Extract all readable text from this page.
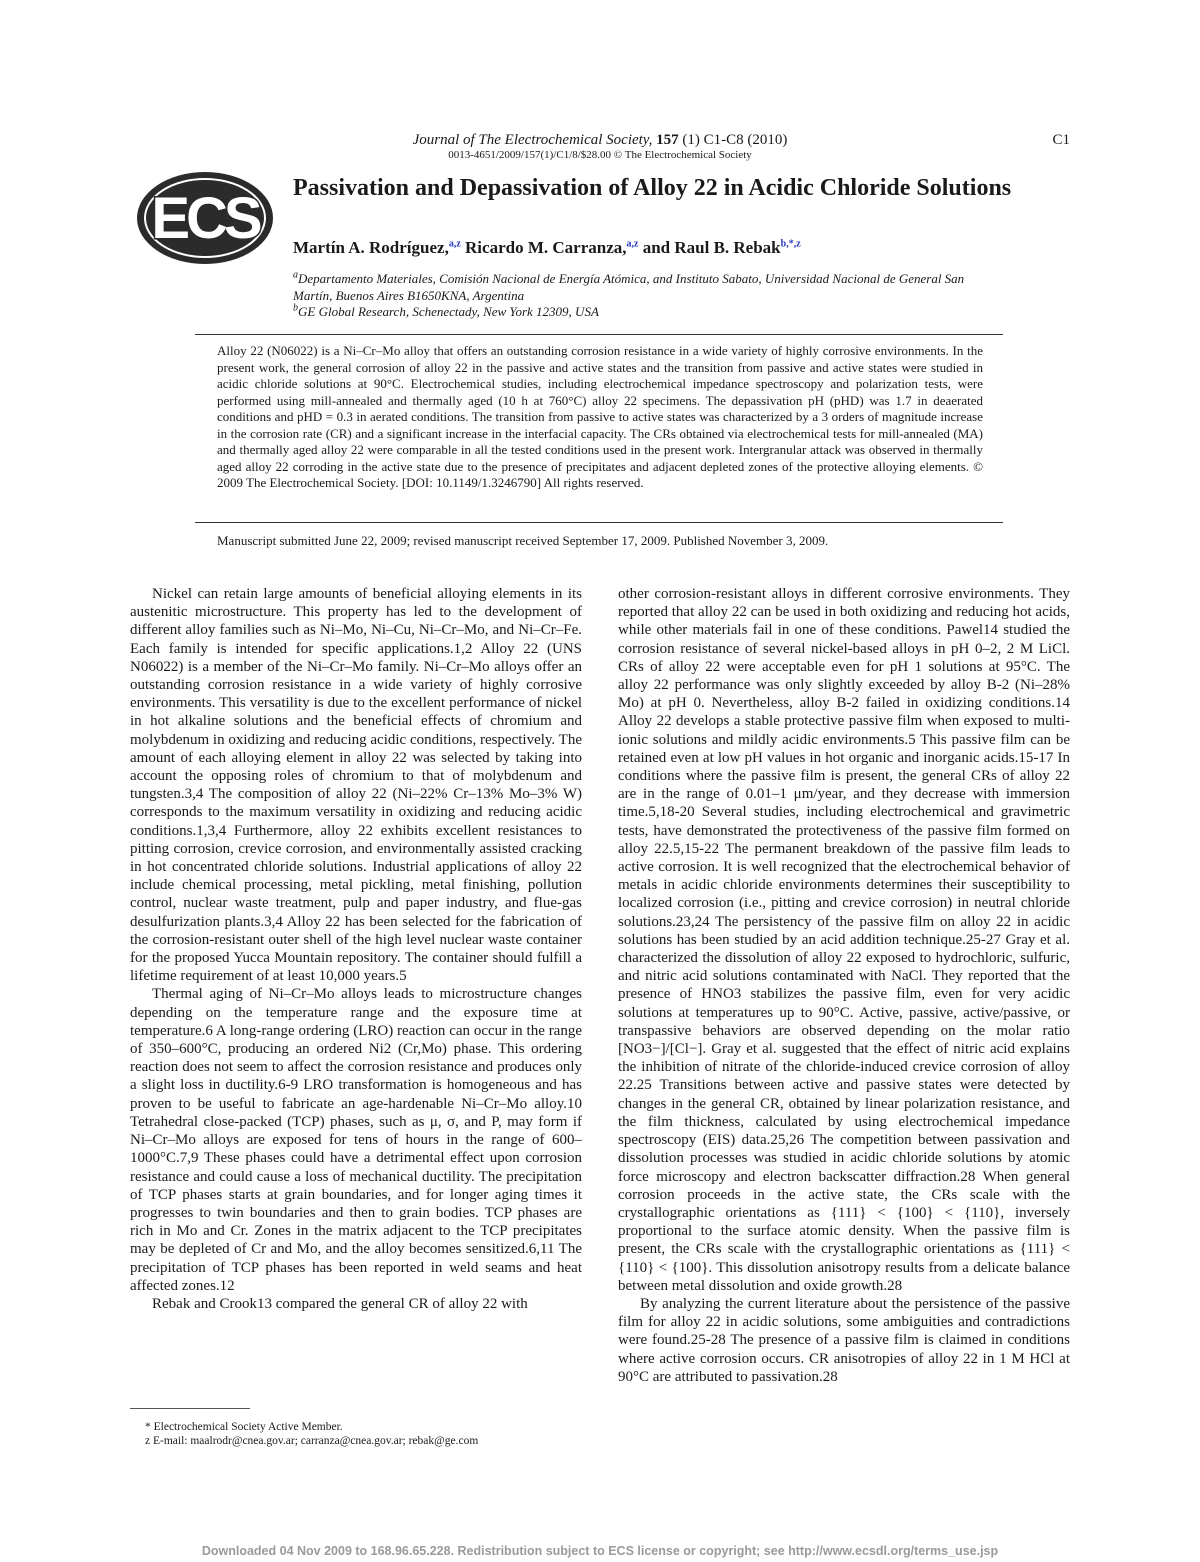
Journal of The Electrochemical Society, 157 (1) C1-C8 (2010)
0013-4651/2009/157(1)/C1/8/$28.00 © The Electrochemical Society
C1
ECS Passivation and Depassivation of Alloy 22 in Acidic Chloride Solutions
Martín A. Rodríguez,$^{a,z}$ Ricardo M. Carranza,$^{a,z}$ and Raul B. Rebak$^{b,*,z}$
$^a$Departamento Materiales, Comisión Nacional de Energía Atómica, and Instituto Sabato, Universidad Nacional de General San Martín, Buenos Aires B1650KNA, Argentina
$^b$GE Global Research, Schenectady, New York 12309, USA
Alloy 22 (N06022) is a Ni–Cr–Mo alloy that offers an outstanding corrosion resistance in a wide variety of highly corrosive environments. In the present work, the general corrosion of alloy 22 in the passive and active states and the transition from passive and active states were studied in acidic chloride solutions at 90°C. Electrochemical studies, including electrochemical impedance spectroscopy and polarization tests, were performed using mill-annealed and thermally aged (10 h at 760°C) alloy 22 specimens. The depassivation pH (pHD) was 1.7 in deaerated conditions and pHD = 0.3 in aerated conditions. The transition from passive to active states was characterized by a 3 orders of magnitude increase in the corrosion rate (CR) and a significant increase in the interfacial capacity. The CRs obtained via electrochemical tests for mill-annealed (MA) and thermally aged alloy 22 were comparable in all the tested conditions used in the present work. Intergranular attack was observed in thermally aged alloy 22 corroding in the active state due to the presence of precipitates and adjacent depleted zones of the protective alloying elements. © 2009 The Electrochemical Society. [DOI: 10.1149/1.3246790] All rights reserved.
Manuscript submitted June 22, 2009; revised manuscript received September 17, 2009. Published November 3, 2009.

Nickel can retain large amounts of beneficial alloying elements in its austenitic microstructure. This property has led to the development of different alloy families such as Ni–Mo, Ni–Cu, Ni–Cr–Mo, and Ni–Cr–Fe. Each family is intended for specific applications.1,2 Alloy 22 (UNS N06022) is a member of the Ni–Cr–Mo family. Ni–Cr–Mo alloys offer an outstanding corrosion resistance in a wide variety of highly corrosive environments. This versatility is due to the excellent performance of nickel in hot alkaline solutions and the beneficial effects of chromium and molybdenum in oxidizing and reducing acidic conditions, respectively. The amount of each alloying element in alloy 22 was selected by taking into account the opposing roles of chromium to that of molybdenum and tungsten.3,4 The composition of alloy 22 (Ni–22% Cr–13% Mo–3% W) corresponds to the maximum versatility in oxidizing and reducing acidic conditions.1,3,4 Furthermore, alloy 22 exhibits excellent resistances to pitting corrosion, crevice corrosion, and environmentally assisted cracking in hot concentrated chloride solutions. Industrial applications of alloy 22 include chemical processing, metal pickling, metal finishing, pollution control, nuclear waste treatment, pulp and paper industry, and flue-gas desulfurization plants.3,4 Alloy 22 has been selected for the fabrication of the corrosion-resistant outer shell of the high level nuclear waste container for the proposed Yucca Mountain repository. The container should fulfill a lifetime requirement of at least 10,000 years.5

Thermal aging of Ni–Cr–Mo alloys leads to microstructure changes depending on the temperature range and the exposure time at temperature.6 A long-range ordering (LRO) reaction can occur in the range of 350–600°C, producing an ordered Ni2 (Cr,Mo) phase. This ordering reaction does not seem to affect the corrosion resistance and produces only a slight loss in ductility.6-9 LRO transformation is homogeneous and has proven to be useful to fabricate an age-hardenable Ni–Cr–Mo alloy.10 Tetrahedral close-packed (TCP) phases, such as μ, σ, and P, may form if Ni–Cr–Mo alloys are exposed for tens of hours in the range of 600–1000°C.7,9 These phases could have a detrimental effect upon corrosion resistance and could cause a loss of mechanical ductility. The precipitation of TCP phases starts at grain boundaries, and for longer aging times it progresses to twin boundaries and then to grain bodies. TCP phases are rich in Mo and Cr. Zones in the matrix adjacent to the TCP precipitates may be depleted of Cr and Mo, and the alloy becomes sensitized.6,11 The precipitation of TCP phases has been reported in weld seams and heat affected zones.12

Rebak and Crook13 compared the general CR of alloy 22 with

other corrosion-resistant alloys in different corrosive environments. They reported that alloy 22 can be used in both oxidizing and reducing hot acids, while other materials fail in one of these conditions. Pawel14 studied the corrosion resistance of several nickel-based alloys in pH 0–2, 2 M LiCl. CRs of alloy 22 were acceptable even for pH 1 solutions at 95°C. The alloy 22 performance was only slightly exceeded by alloy B-2 (Ni–28% Mo) at pH 0. Nevertheless, alloy B-2 failed in oxidizing conditions.14 Alloy 22 develops a stable protective passive film when exposed to multi-ionic solutions and mildly acidic environments.5 This passive film can be retained even at low pH values in hot organic and inorganic acids.15-17 In conditions where the passive film is present, the general CRs of alloy 22 are in the range of 0.01–1 μm/year, and they decrease with immersion time.5,18-20 Several studies, including electrochemical and gravimetric tests, have demonstrated the protectiveness of the passive film formed on alloy 22.5,15-22 The permanent breakdown of the passive film leads to active corrosion. It is well recognized that the electrochemical behavior of metals in acidic chloride environments determines their susceptibility to localized corrosion (i.e., pitting and crevice corrosion) in neutral chloride solutions.23,24 The persistency of the passive film on alloy 22 in acidic solutions has been studied by an acid addition technique.25-27 Gray et al. characterized the dissolution of alloy 22 exposed to hydrochloric, sulfuric, and nitric acid solutions contaminated with NaCl. They reported that the presence of HNO3 stabilizes the passive film, even for very acidic solutions at temperatures up to 90°C. Active, passive, active/passive, or transpassive behaviors are observed depending on the molar ratio [NO3−]/[Cl−]. Gray et al. suggested that the effect of nitric acid explains the inhibition of nitrate of the chloride-induced crevice corrosion of alloy 22.25 Transitions between active and passive states were detected by changes in the general CR, obtained by linear polarization resistance, and the film thickness, calculated by using electrochemical impedance spectroscopy (EIS) data.25,26 The competition between passivation and dissolution processes was studied in acidic chloride solutions by atomic force microscopy and electron backscatter diffraction.28 When general corrosion proceeds in the active state, the CRs scale with the crystallographic orientations as {111} < {100} < {110}, inversely proportional to the surface atomic density. When the passive film is present, the CRs scale with the crystallographic orientations as {111} < {110} < {100}. This dissolution anisotropy results from a delicate balance between metal dissolution and oxide growth.28

By analyzing the current literature about the persistence of the passive film for alloy 22 in acidic solutions, some ambiguities and contradictions were found.25-28 The presence of a passive film is claimed in conditions where active corrosion occurs. CR anisotropies of alloy 22 in 1 M HCl at 90°C are attributed to passivation.28

* Electrochemical Society Active Member.
z E-mail: maalrodr@cnea.gov.ar; carranza@cnea.gov.ar; rebak@ge.com
Downloaded 04 Nov 2009 to 168.96.65.228. Redistribution subject to ECS license or copyright; see http://www.ecsdl.org/terms_use.jsp
